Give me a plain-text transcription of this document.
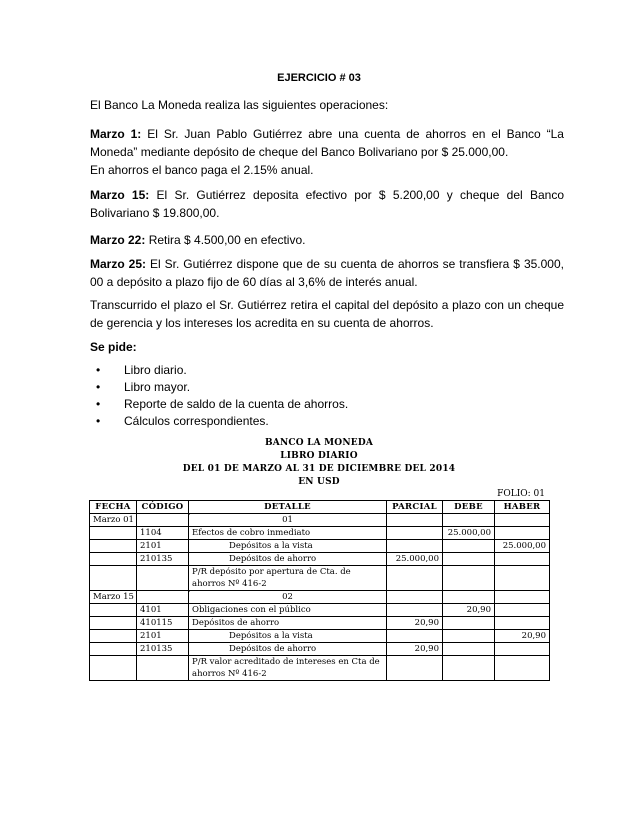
EJERCICIO # 03
El Banco La Moneda realiza las siguientes operaciones:
Marzo 1: El Sr. Juan Pablo Gutiérrez abre una cuenta de ahorros en el Banco “La Moneda” mediante depósito de cheque del Banco Bolivariano por $ 25.000,00.
En ahorros el banco paga el 2.15% anual.
Marzo 15: El Sr. Gutiérrez deposita efectivo por $ 5.200,00 y cheque del Banco Bolivariano $ 19.800,00.
Marzo 22: Retira $ 4.500,00 en efectivo.
Marzo 25: El Sr. Gutiérrez dispone que de su cuenta de ahorros se transfiera $ 35.000, 00 a depósito a plazo fijo de 60 días al 3,6% de interés anual.
Transcurrido el plazo el Sr. Gutiérrez retira el capital del depósito a plazo con un cheque de gerencia y los intereses los acredita en su cuenta de ahorros.
Se pide:
• Libro diario.
• Libro mayor.
• Reporte de saldo de la cuenta de ahorros.
• Cálculos correspondientes.
BANCO LA MONEDA
LIBRO DIARIO
DEL 01 DE MARZO AL 31 DE DICIEMBRE DEL 2014
EN USD
FOLIO: 01
FECHA	CÓDIGO	DETALLE	PARCIAL	DEBE	HABER
Marzo 01		01			
	1104	Efectos de cobro inmediato		25.000,00	
	2101	Depósitos a la vista			25.000,00
	210135	Depósitos de ahorro	25.000,00		
		P/R depósito por apertura de Cta. de ahorros Nº 416-2			
Marzo 15		02			
	4101	Obligaciones con el público		20,90	
	410115	Depósitos de ahorro	20,90		
	2101	Depósitos a la vista			20,90
	210135	Depósitos de ahorro	20,90		
		P/R valor acreditado de intereses en Cta de ahorros Nº 416-2			
